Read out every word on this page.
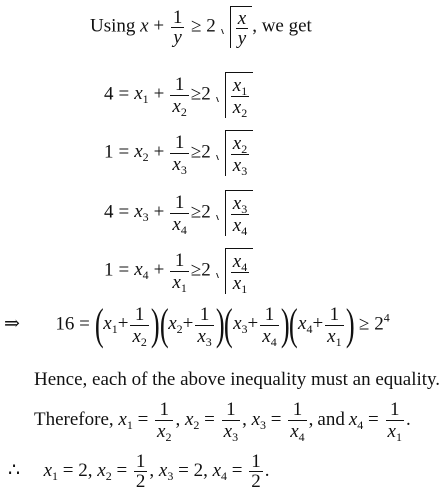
Using $x + \frac{1}{y} \ge 2 \frac{x}{y}$ , we get
$4 = x_1 + \frac{1}{x_2} \ge 2 \frac{x_1}{x_2}$
$1 = x_2 + \frac{1}{x_3} \ge 2 \frac{x_2}{x_3}$
$4 = x_3 + \frac{1}{x_4} \ge 2 \frac{x_3}{x_4}$
$1 = x_4 + \frac{1}{x_1} \ge 2 \frac{x_4}{x_1}$
⇒ $16 = (x_1+ \frac{1}{x_2} )(x_2+ \frac{1}{x_3} )(x_3+ \frac{1}{x_4} )(x_4+ \frac{1}{x_1}$ ) ≥ $2^4$
Hence, each of the above inequality must an equality.
Therefore, $x_1 = \frac{1}{x_2}$ , $x_2 = \frac{1}{x_3}$ , $x_3 = \frac{1}{x_4}$ , and $x_4 = \frac{1}{x_1}$ .
∴ $x_1 = 2$, $x_2 = \frac{1}{2}$ , $x_3 = 2$, $x_4 = \frac{1}{2}$ .
